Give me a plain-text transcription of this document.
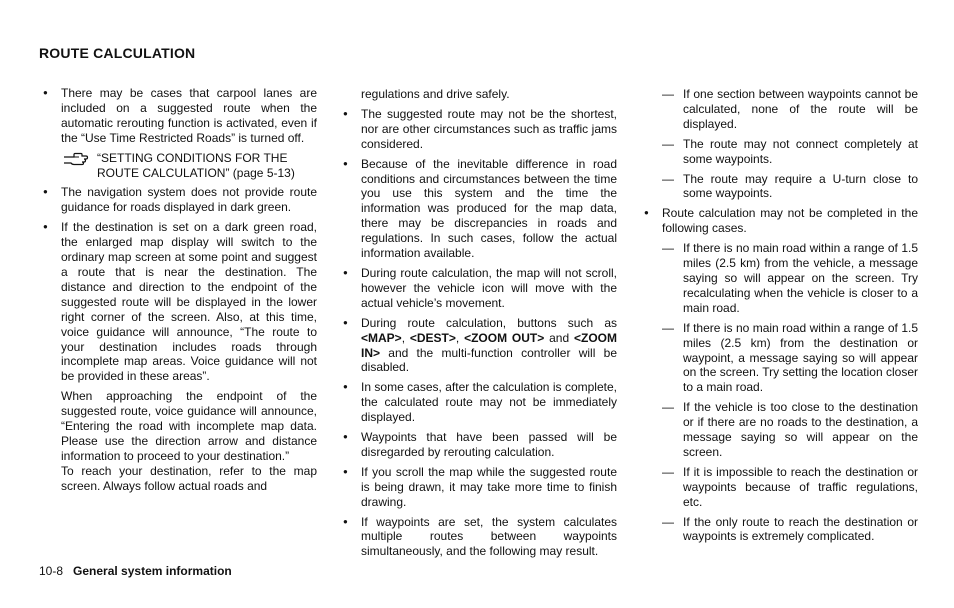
ROUTE CALCULATION
● There may be cases that carpool lanes are included on a suggested route when the automatic rerouting function is activated, even if the “Use Time Restricted Roads” is turned off.
“SETTING CONDITIONS FOR THE ROUTE CALCULATION” (page 5-13)
● The navigation system does not provide route guidance for roads displayed in dark green.
● If the destination is set on a dark green road, the enlarged map display will switch to the ordinary map screen at some point and suggest a route that is near the destination. The distance and direction to the endpoint of the suggested route will be displayed in the lower right corner of the screen. Also, at this time, voice guidance will announce, “The route to your destination includes roads through incomplete map areas. Voice guidance will not be provided in these areas”.
When approaching the endpoint of the suggested route, voice guidance will announce, “Entering the road with incomplete map data. Please use the direction arrow and distance information to proceed to your destination.”
To reach your destination, refer to the map screen. Always follow actual roads and
regulations and drive safely.
● The suggested route may not be the shortest, nor are other circumstances such as traffic jams considered.
● Because of the inevitable difference in road conditions and circumstances between the time you use this system and the time the information was produced for the map data, there may be discrepancies in roads and regulations. In such cases, follow the actual information available.
● During route calculation, the map will not scroll, however the vehicle icon will move with the actual vehicle’s movement.
● During route calculation, buttons such as <MAP>, <DEST>, <ZOOM OUT> and <ZOOM IN> and the multi-function controller will be disabled.
● In some cases, after the calculation is complete, the calculated route may not be immediately displayed.
● Waypoints that have been passed will be disregarded by rerouting calculation.
● If you scroll the map while the suggested route is being drawn, it may take more time to finish drawing.
● If waypoints are set, the system calculates multiple routes between waypoints simultaneously, and the following may result.
— If one section between waypoints cannot be calculated, none of the route will be displayed.
— The route may not connect completely at some waypoints.
— The route may require a U-turn close to some waypoints.
● Route calculation may not be completed in the following cases.
— If there is no main road within a range of 1.5 miles (2.5 km) from the vehicle, a message saying so will appear on the screen. Try recalculating when the vehicle is closer to a main road.
— If there is no main road within a range of 1.5 miles (2.5 km) from the destination or waypoint, a message saying so will appear on the screen. Try setting the location closer to a main road.
— If the vehicle is too close to the destination or if there are no roads to the destination, a message saying so will appear on the screen.
— If it is impossible to reach the destination or waypoints because of traffic regulations, etc.
— If the only route to reach the destination or waypoints is extremely complicated.
10-8 General system information
